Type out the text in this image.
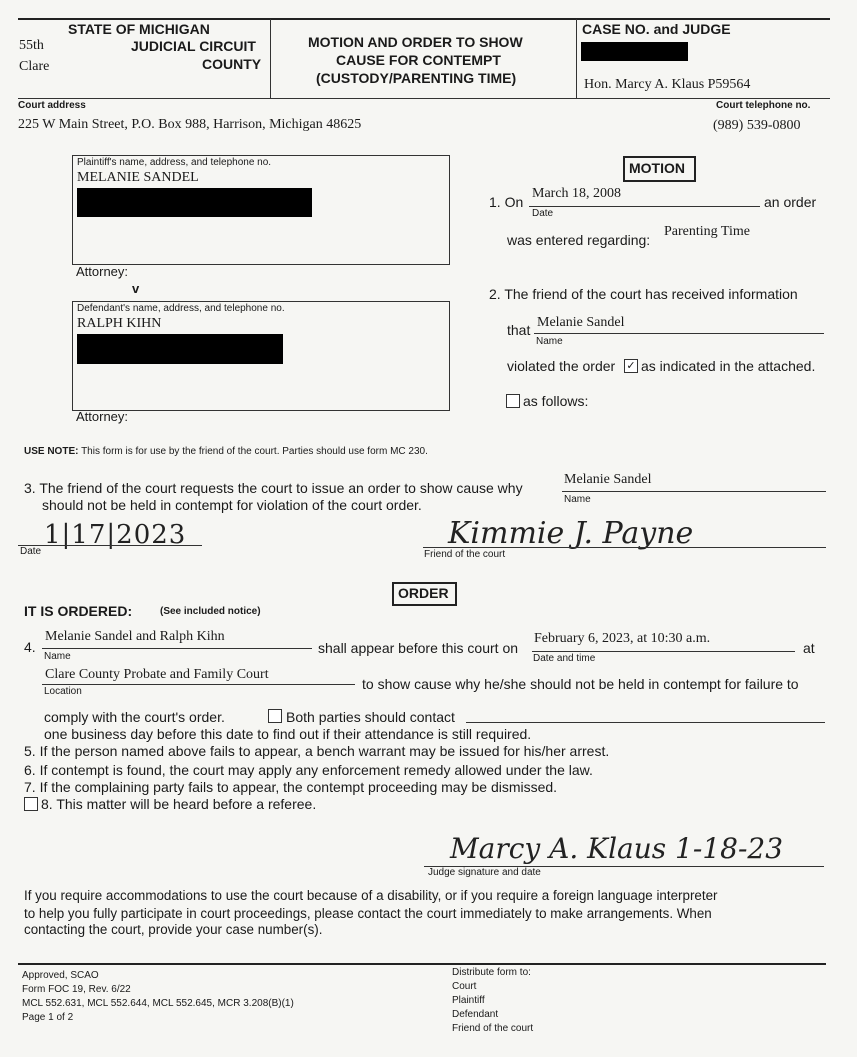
STATE OF MICHIGAN
55th	JUDICIAL CIRCUIT
Clare	COUNTY
MOTION AND ORDER TO SHOW
CAUSE FOR CONTEMPT
(CUSTODY/PARENTING TIME)
CASE NO. and JUDGE
Hon. Marcy A. Klaus P59564
Court address
225 W Main Street, P.O. Box 988, Harrison, Michigan 48625
Court telephone no.
(989) 539-0800
Plaintiff's name, address, and telephone no.
MELANIE SANDEL
Attorney:
v
Defendant's name, address, and telephone no.
RALPH KIHN
Attorney:
MOTION
1. On
March 18, 2008
Date
an order
was entered regarding:
Parenting Time
2. The friend of the court has received information
that Melanie Sandel
Name
violated the order ✓ as indicated in the attached.
as follows:
USE NOTE: This form is for use by the friend of the court. Parties should use form MC 230.
3. The friend of the court requests the court to issue an order to show cause why
should not be held in contempt for violation of the court order.
Melanie Sandel
Name
1|17|2023
Date
Kimmie J. Payne
Friend of the court
ORDER
IT IS ORDERED:	(See included notice)
4.
Melanie Sandel and Ralph Kihn
Name
shall appear before this court on
February 6, 2023, at 10:30 a.m.
Date and time
at
Clare County Probate and Family Court
Location	to show cause why he/she should not be held in contempt for failure to
comply with the court's order.	Both parties should contact
one business day before this date to find out if their attendance is still required.
5. If the person named above fails to appear, a bench warrant may be issued for his/her arrest.
6. If contempt is found, the court may apply any enforcement remedy allowed under the law.
7. If the complaining party fails to appear, the contempt proceeding may be dismissed.
8. This matter will be heard before a referee.
Marcy A. Klaus 1-18-23
Judge signature and date
If you require accommodations to use the court because of a disability, or if you require a foreign language interpreter
to help you fully participate in court proceedings, please contact the court immediately to make arrangements. When
contacting the court, provide your case number(s).
Approved, SCAO
Form FOC 19, Rev. 6/22
MCL 552.631, MCL 552.644, MCL 552.645, MCR 3.208(B)(1)
Page 1 of 2
Distribute form to:
Court
Plaintiff
Defendant
Friend of the court
